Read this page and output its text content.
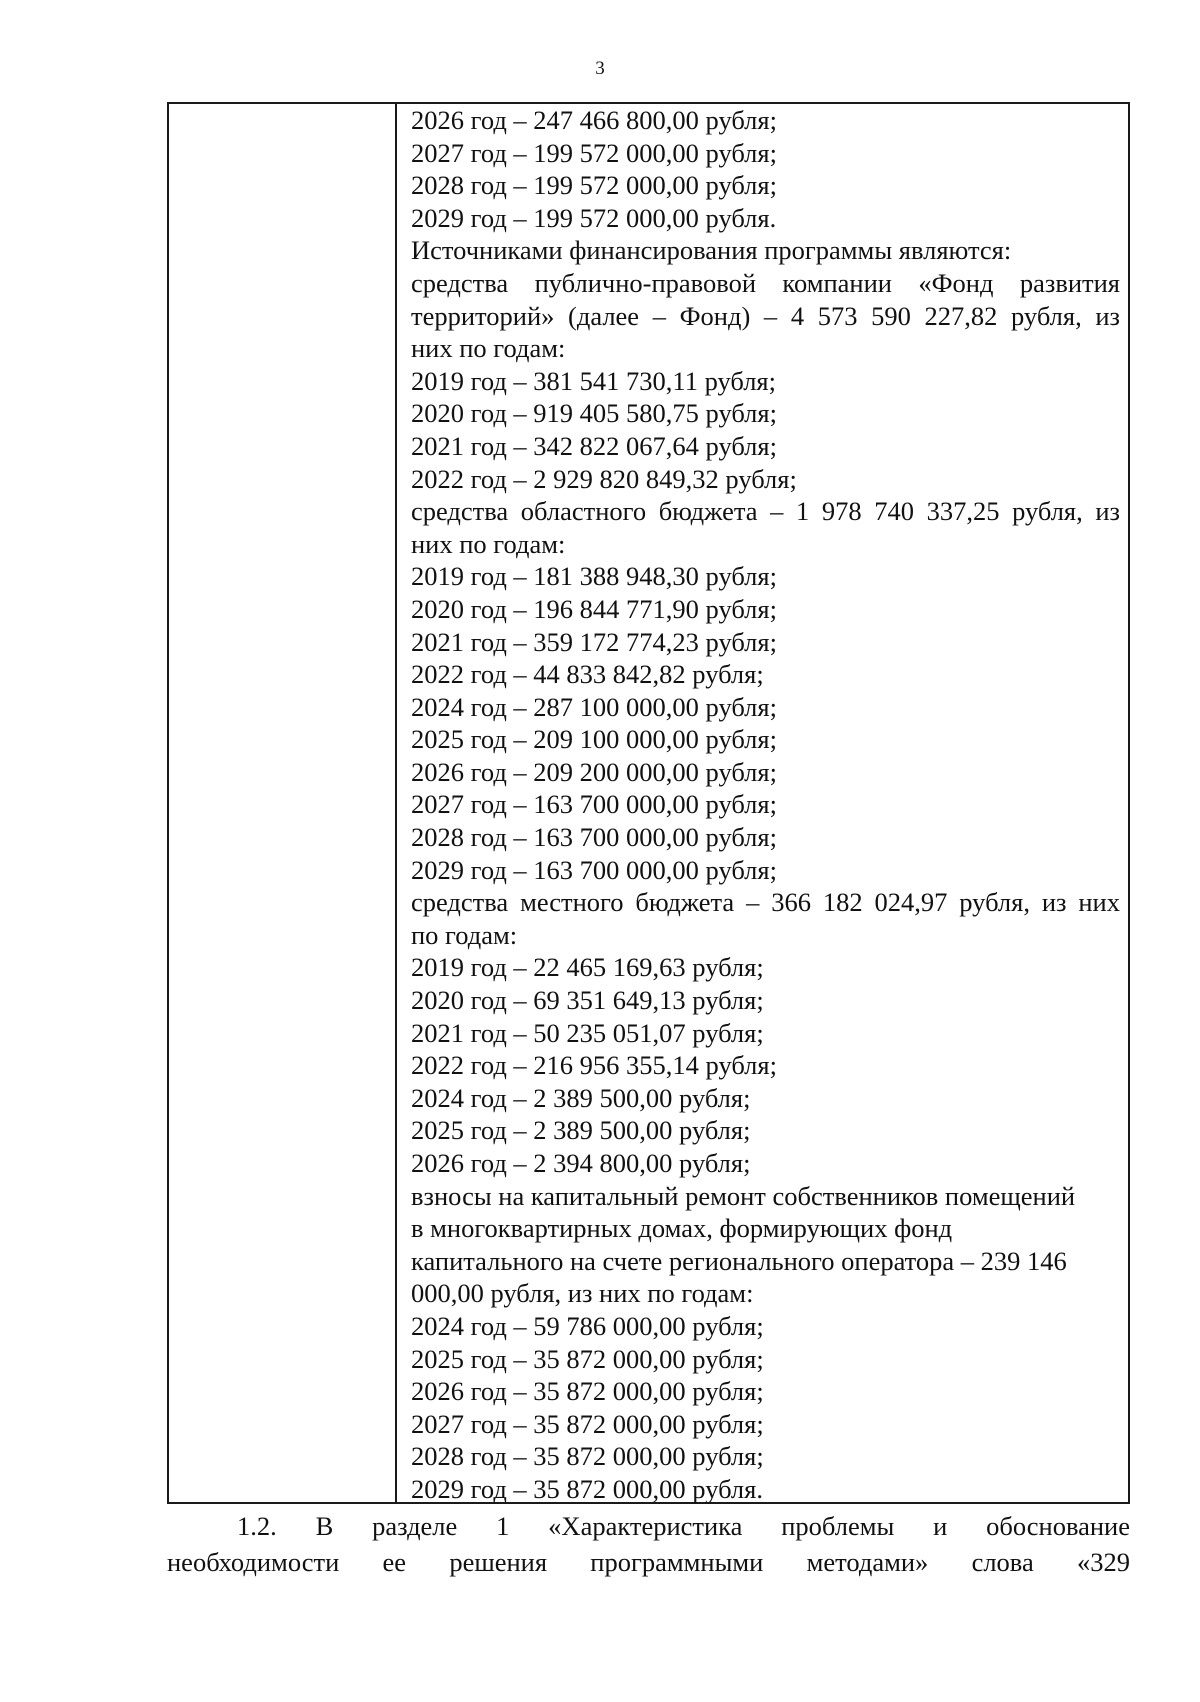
3
2026 год – 247 466 800,00 рубля;
2027 год – 199 572 000,00 рубля;
2028 год – 199 572 000,00 рубля;
2029 год – 199 572 000,00 рубля.
Источниками финансирования программы являются:
средства публично-правовой компании «Фонд развития
территорий» (далее – Фонд) – 4 573 590 227,82 рубля, из
них по годам:
2019 год – 381 541 730,11 рубля;
2020 год – 919 405 580,75 рубля;
2021 год – 342 822 067,64 рубля;
2022 год – 2 929 820 849,32 рубля;
средства областного бюджета – 1 978 740 337,25 рубля, из
них по годам:
2019 год – 181 388 948,30 рубля;
2020 год – 196 844 771,90 рубля;
2021 год – 359 172 774,23 рубля;
2022 год – 44 833 842,82 рубля;
2024 год – 287 100 000,00 рубля;
2025 год – 209 100 000,00 рубля;
2026 год – 209 200 000,00 рубля;
2027 год – 163 700 000,00 рубля;
2028 год – 163 700 000,00 рубля;
2029 год – 163 700 000,00 рубля;
средства местного бюджета – 366 182 024,97 рубля, из них
по годам:
2019 год – 22 465 169,63 рубля;
2020 год – 69 351 649,13 рубля;
2021 год – 50 235 051,07 рубля;
2022 год – 216 956 355,14 рубля;
2024 год – 2 389 500,00 рубля;
2025 год – 2 389 500,00 рубля;
2026 год – 2 394 800,00 рубля;
взносы на капитальный ремонт собственников помещений
в многоквартирных домах, формирующих фонд
капитального на счете регионального оператора – 239 146
000,00 рубля, из них по годам:
2024 год – 59 786 000,00 рубля;
2025 год – 35 872 000,00 рубля;
2026 год – 35 872 000,00 рубля;
2027 год – 35 872 000,00 рубля;
2028 год – 35 872 000,00 рубля;
2029 год – 35 872 000,00 рубля.
1.2. В разделе 1 «Характеристика проблемы и обоснование
необходимости ее решения программными методами» слова «329
